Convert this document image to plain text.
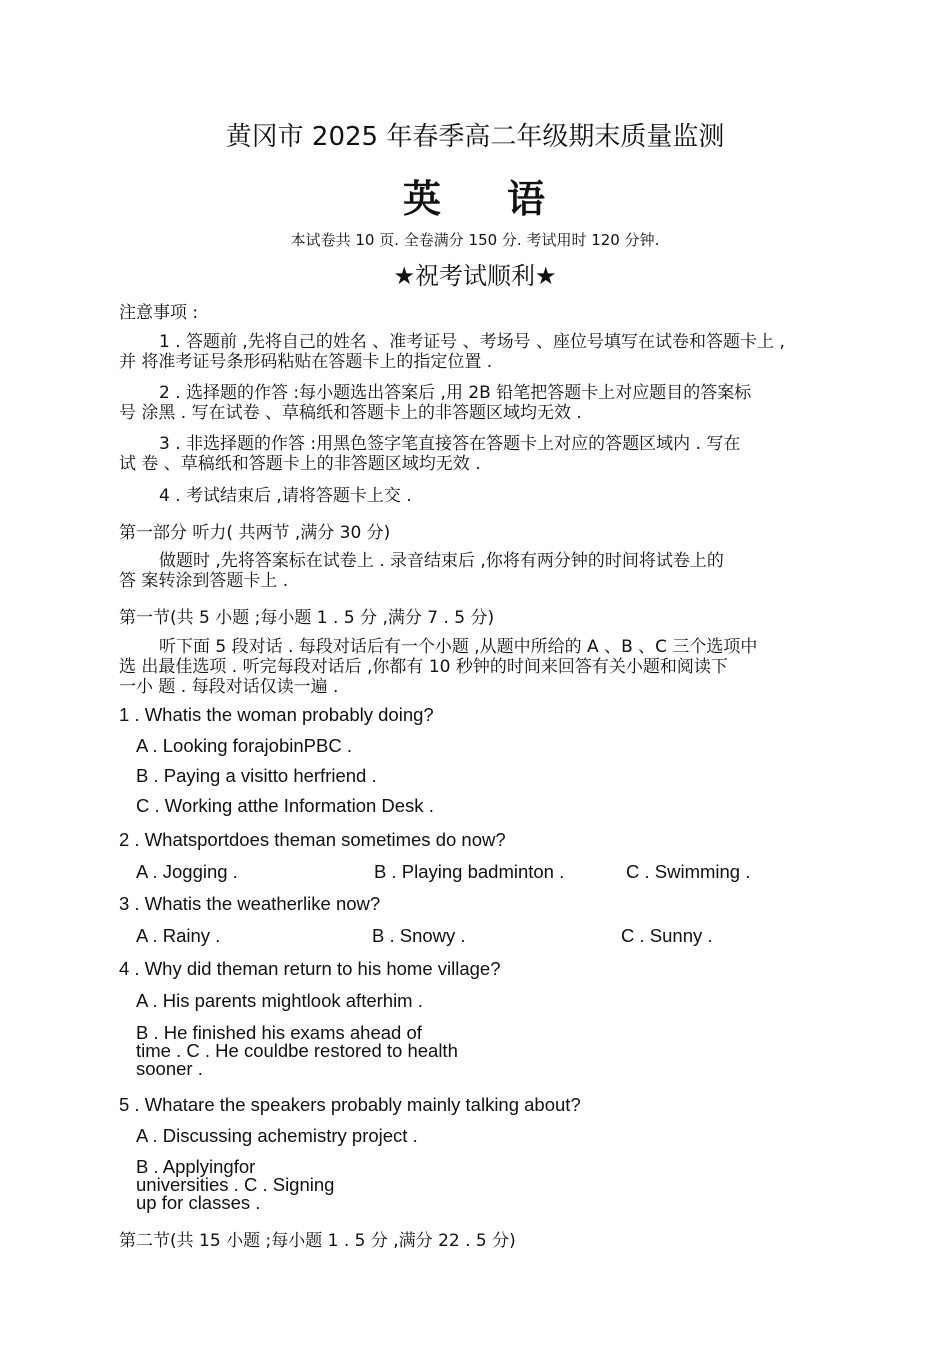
黄冈市 2025 年春季高二年级期末质量监测
英 语
本试卷共 10 页. 全卷满分 150 分. 考试用时 120 分钟.
★祝考试顺利★
注意事项 :
1 . 答题前 ,先将自己的姓名 、准考证号 、考场号 、座位号填写在试卷和答题卡上 ,
并 将准考证号条形码粘贴在答题卡上的指定位置 .
2 . 选择题的作答 :每小题选出答案后 ,用 2B 铅笔把答题卡上对应题目的答案标
号 涂黑 . 写在试卷 、草稿纸和答题卡上的非答题区域均无效 .
3 . 非选择题的作答 :用黑色签字笔直接答在答题卡上对应的答题区域内 . 写在
试 卷 、草稿纸和答题卡上的非答题区域均无效 .
4 . 考试结束后 ,请将答题卡上交 .
第一部分 听力( 共两节 ,满分 30 分)
做题时 ,先将答案标在试卷上 . 录音结束后 ,你将有两分钟的时间将试卷上的
答 案转涂到答题卡上 .
第一节(共 5 小题 ;每小题 1 . 5 分 ,满分 7 . 5 分)
听下面 5 段对话 . 每段对话后有一个小题 ,从题中所给的 A 、B 、C 三个选项中
选 出最佳选项 . 听完每段对话后 ,你都有 10 秒钟的时间来回答有关小题和阅读下
一小 题 . 每段对话仅读一遍 .
1 . Whatis the woman probably doing?
A . Looking forajobinPBC .
B . Paying a visitto herfriend .
C . Working atthe Information Desk .
2 . Whatsportdoes theman sometimes do now?
A . Jogging .	B . Playing badminton .	C . Swimming .
3 . Whatis the weatherlike now?
A . Rainy .	B . Snowy .	C . Sunny .
4 . Why did theman return to his home village?
A . His parents mightlook afterhim .
B . He finished his exams ahead of
time . C . He couldbe restored to health
sooner .
5 . Whatare the speakers probably mainly talking about?
A . Discussing achemistry project .
B . Applyingfor
universities . C . Signing
up for classes .
第二节(共 15 小题 ;每小题 1 . 5 分 ,满分 22 . 5 分)
